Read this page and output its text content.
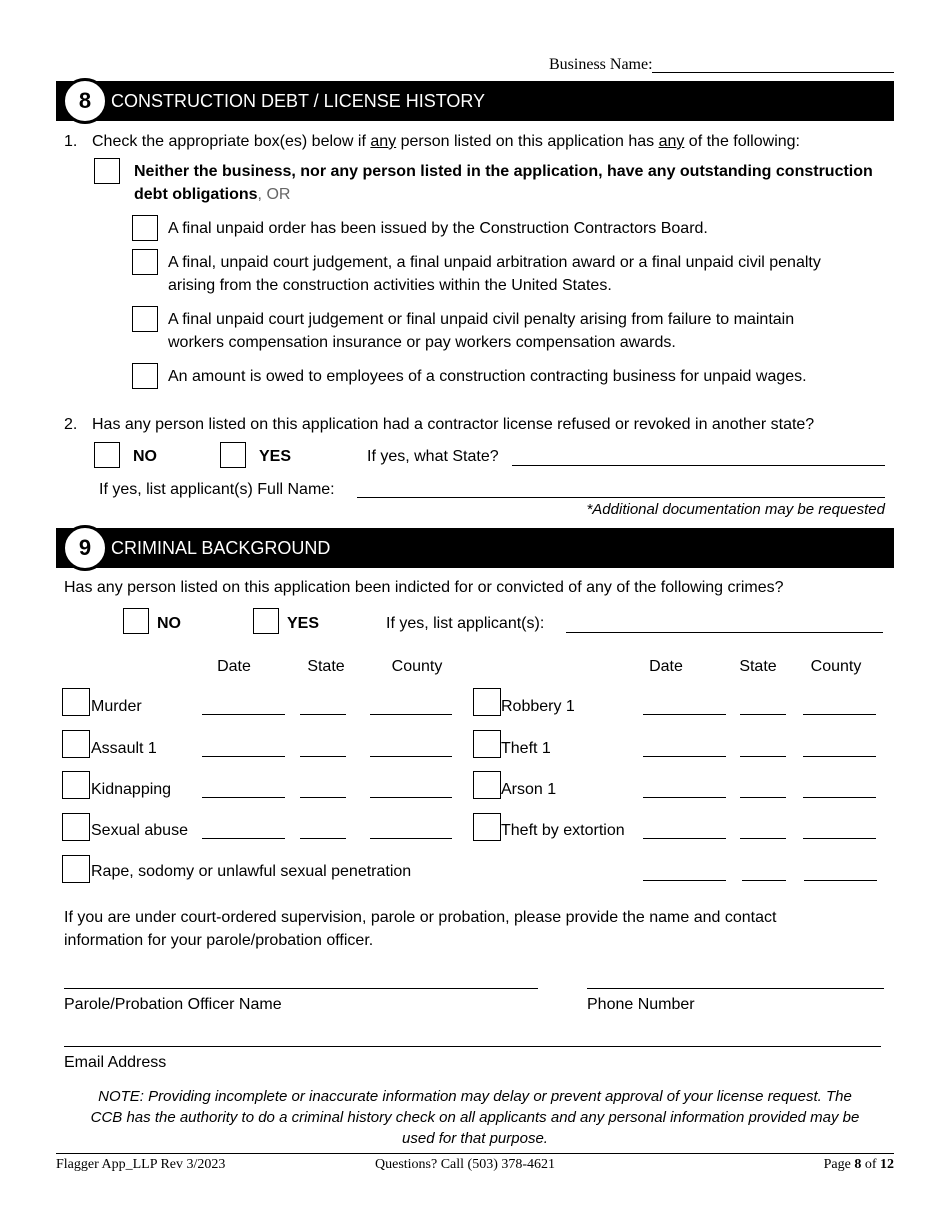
Business Name:
8	CONSTRUCTION DEBT / LICENSE HISTORY
1. Check the appropriate box(es) below if any person listed on this application has any of the following:
Neither the business, nor any person listed in the application, have any outstanding construction
debt obligations, OR
A final unpaid order has been issued by the Construction Contractors Board.
A final, unpaid court judgement, a final unpaid arbitration award or a final unpaid civil penalty
arising from the construction activities within the United States.
A final unpaid court judgement or final unpaid civil penalty arising from failure to maintain
workers compensation insurance or pay workers compensation awards.
An amount is owed to employees of a construction contracting business for unpaid wages.
2. Has any person listed on this application had a contractor license refused or revoked in another state?
NO	YES	If yes, what State?
If yes, list applicant(s) Full Name:
*Additional documentation may be requested
9	CRIMINAL BACKGROUND
Has any person listed on this application been indicted for or convicted of any of the following crimes?
NO	YES	If yes, list applicant(s):
Date	State	County	Date	State	County
Murder	Robbery 1
Assault 1	Theft 1
Kidnapping	Arson 1
Sexual abuse	Theft by extortion
Rape, sodomy or unlawful sexual penetration
If you are under court-ordered supervision, parole or probation, please provide the name and contact
information for your parole/probation officer.
Parole/Probation Officer Name	Phone Number
Email Address
NOTE: Providing incomplete or inaccurate information may delay or prevent approval of your license request. The
CCB has the authority to do a criminal history check on all applicants and any personal information provided may be
used for that purpose.
Flagger App_LLP Rev 3/2023	Questions? Call (503) 378-4621	Page 8 of 12
